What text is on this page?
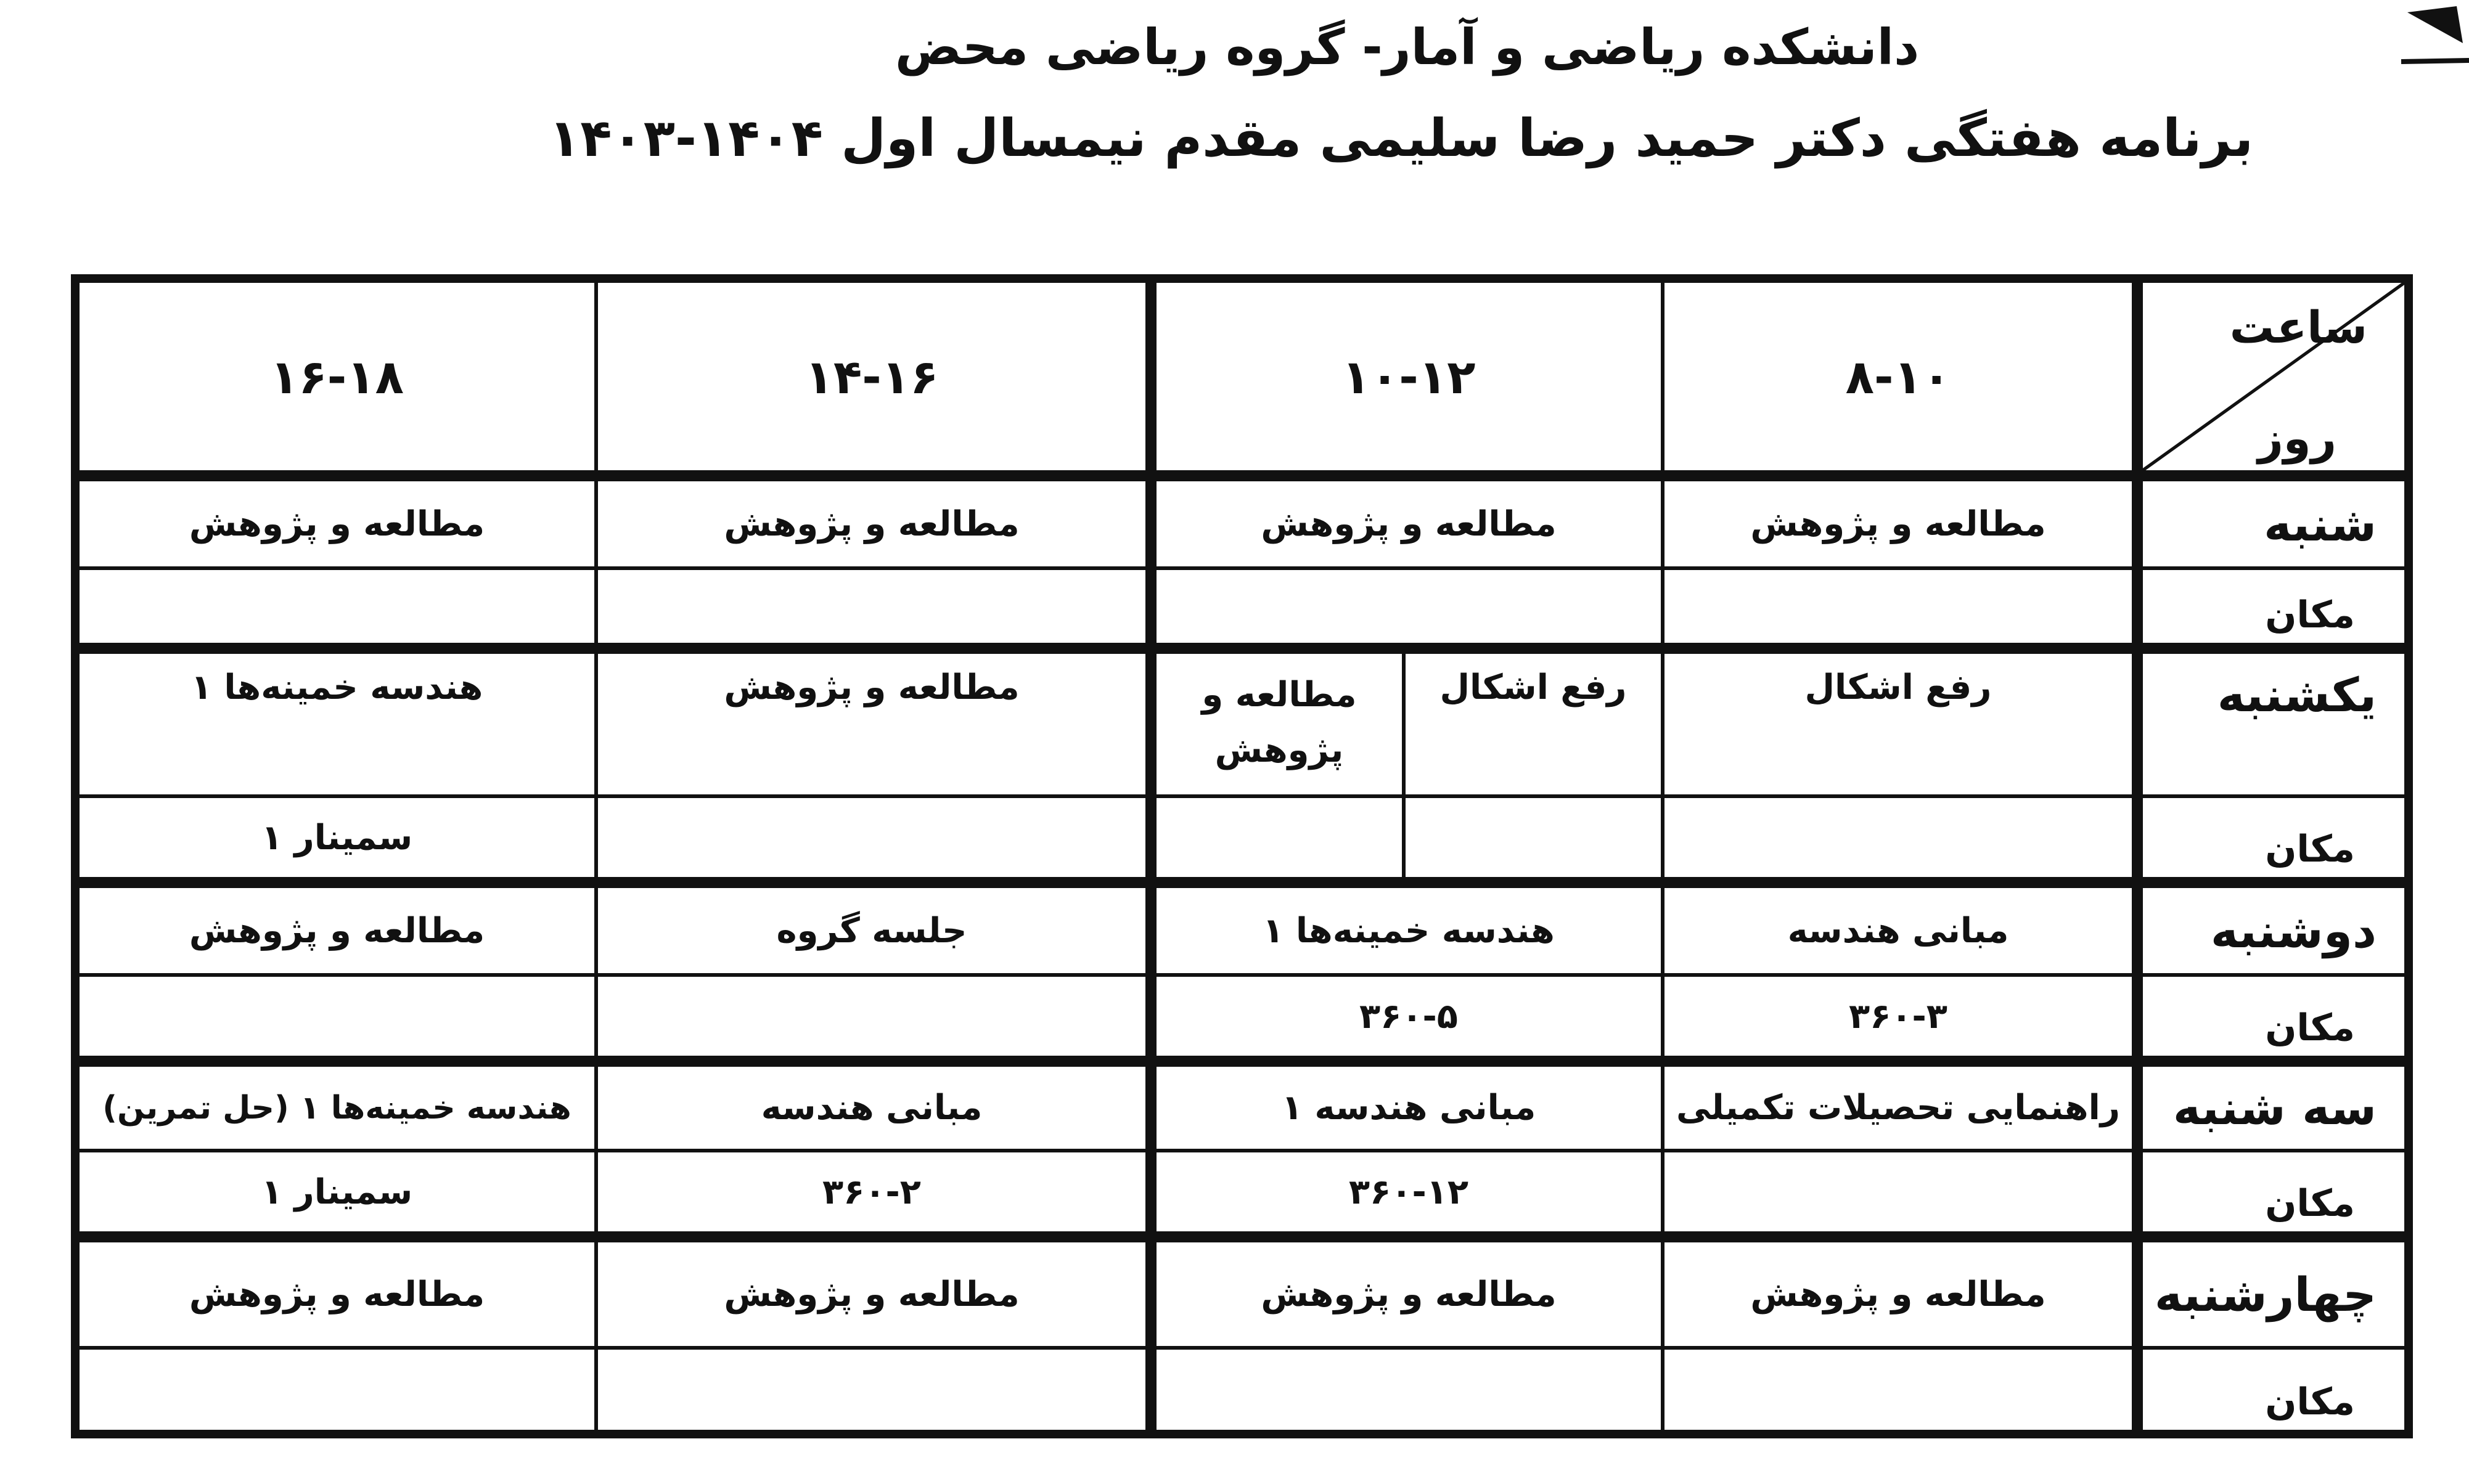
دانشکده ریاضی و آمار- گروه ریاضی محض
برنامه هفتگی دکتر حمید رضا سلیمی مقدم نیمسال اول ۱۴۰۴-۱۴۰۳
ساعت
روز	۸-۱۰	۱۰-۱۲		۱۴-۱۶	۱۶-۱۸
شنبه	مطالعه و پژوهش	مطالعه و پژوهش		مطالعه و پژوهش	مطالعه و پژوهش
مکان					
یکشنبه	رفع اشکال	رفع اشکال	مطالعه و پژوهش	مطالعه و پژوهش	هندسه خمینه‌ها ۱
مکان					سمینار ۱
دوشنبه	مبانی هندسه	هندسه خمینه‌ها ۱		جلسه گروه	مطالعه و پژوهش
مکان	۳۶۰-۳	۳۶۰-۵			
سه شنبه	راهنمایی تحصیلات تکمیلی	مبانی هندسه ۱		مبانی هندسه	هندسه خمینه‌ها ۱ (حل تمرین)
مکان		۳۶۰-۱۲		۳۶۰-۲	سمینار ۱
چهارشنبه	مطالعه و پژوهش	مطالعه و پژوهش		مطالعه و پژوهش	مطالعه و پژوهش
مکان					
